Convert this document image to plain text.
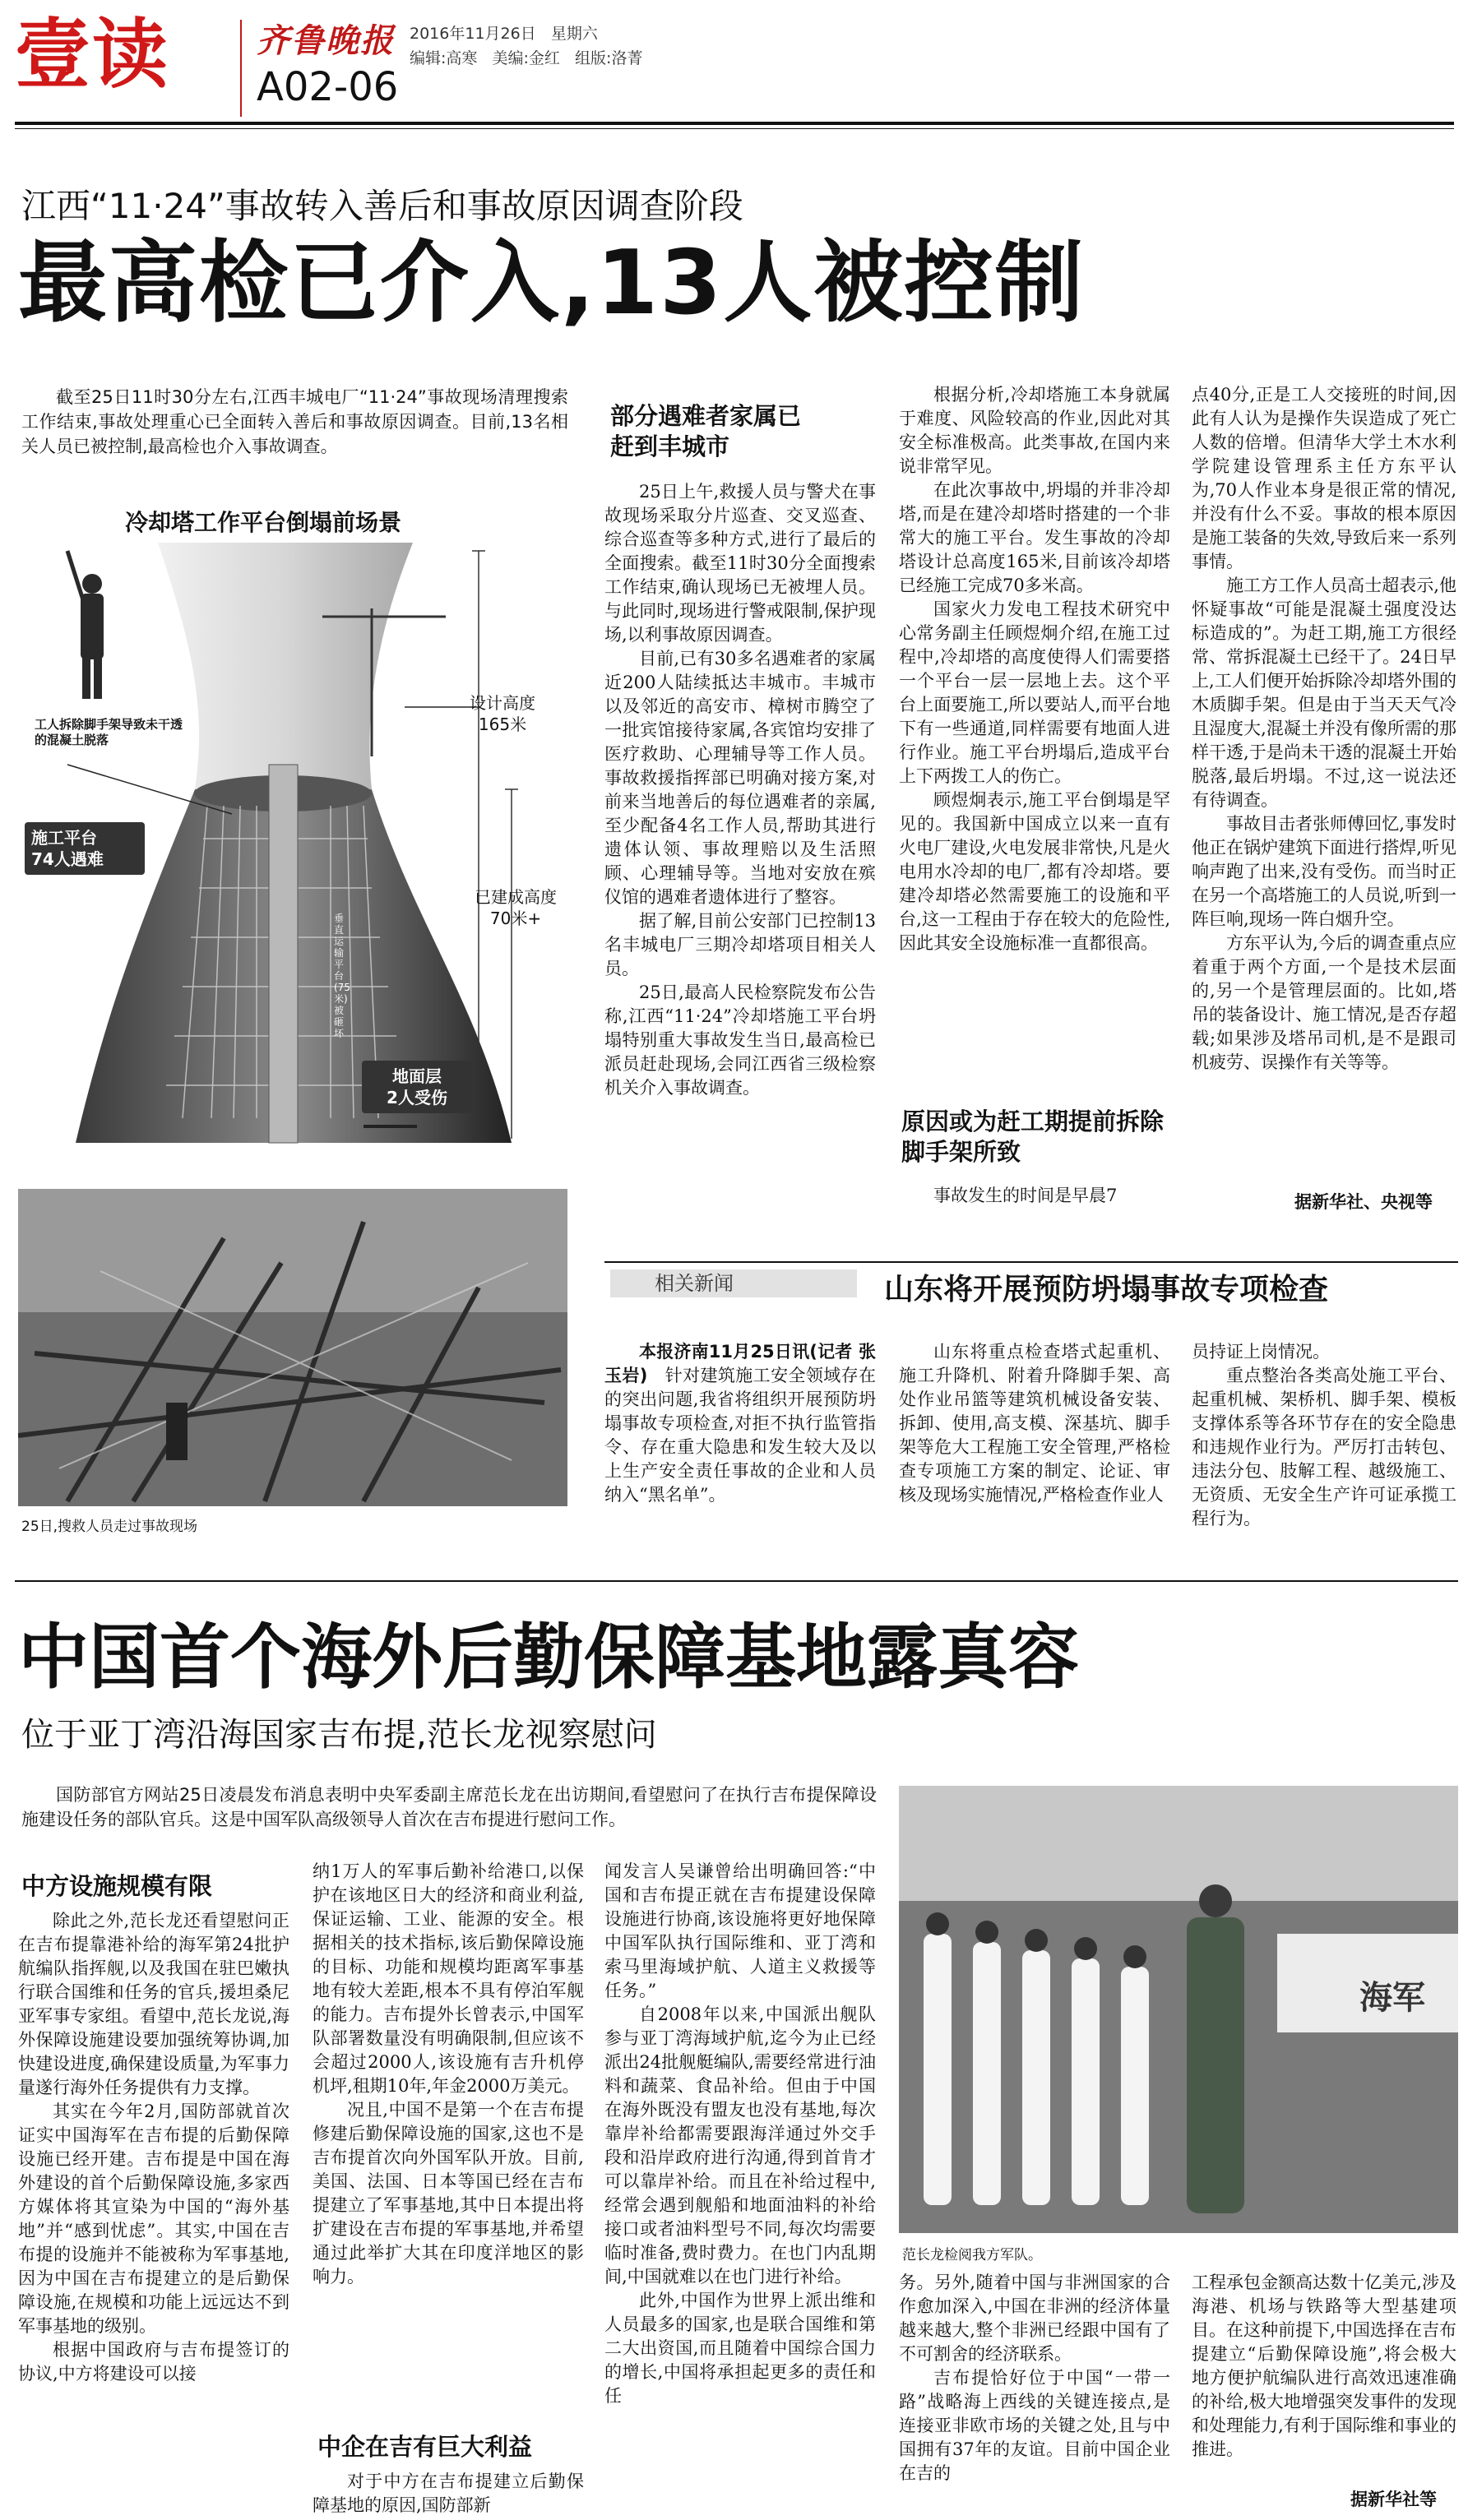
壹读	齐鲁晚报
A02-06
2016年11月26日 星期六
编辑:高寒   美编:金红   组版:洛菁
江西“11·24”事故转入善后和事故原因调查阶段
最高检已介入,13人被控制

截至25日11时30分左右,江西丰城电厂“11·24”事故现场清理搜索工作结束,事故处理重心已全面转入善后和事故原因调查。目前,13名相关人员已被控制,最高检也介入事故调查。

冷却塔工作平台倒塌前场景
工人拆除脚手架导致未干透的混凝土脱落
设计高度
165米
已建成高度
70米+
施工平台
74人遇难
地面层
2人受伤
垂直运输平台(75米)被砸坏
25日,搜救人员走过事故现场
部分遇难者家属已赶到丰城市

25日上午,救援人员与警犬在事故现场采取分片巡查、交叉巡查、综合巡查等多种方式,进行了最后的全面搜索。截至11时30分全面搜索工作结束,确认现场已无被埋人员。与此同时,现场进行警戒限制,保护现场,以利事故原因调查。

目前,已有30多名遇难者的家属近200人陆续抵达丰城市。丰城市以及邻近的高安市、樟树市腾空了一批宾馆接待家属,各宾馆均安排了医疗救助、心理辅导等工作人员。事故救援指挥部已明确对接方案,对前来当地善后的每位遇难者的亲属,至少配备4名工作人员,帮助其进行遗体认领、事故理赔以及生活照顾、心理辅导等。当地对安放在殡仪馆的遇难者遗体进行了整容。

据了解,目前公安部门已控制13名丰城电厂三期冷却塔项目相关人员。

25日,最高人民检察院发布公告称,江西“11·24”冷却塔施工平台坍塌特别重大事故发生当日,最高检已派员赶赴现场,会同江西省三级检察机关介入事故调查。

根据分析,冷却塔施工本身就属于难度、风险较高的作业,因此对其安全标准极高。此类事故,在国内来说非常罕见。

在此次事故中,坍塌的并非冷却塔,而是在建冷却塔时搭建的一个非常大的施工平台。发生事故的冷却塔设计总高度165米,目前该冷却塔已经施工完成70多米高。

国家火力发电工程技术研究中心常务副主任顾煜炯介绍,在施工过程中,冷却塔的高度使得人们需要搭一个平台一层一层地上去。这个平台上面要施工,所以要站人,而平台地下有一些通道,同样需要有地面人进行作业。施工平台坍塌后,造成平台上下两拨工人的伤亡。

顾煜炯表示,施工平台倒塌是罕见的。我国新中国成立以来一直有火电厂建设,火电发展非常快,凡是火电用水冷却的电厂,都有冷却塔。要建冷却塔必然需要施工的设施和平台,这一工程由于存在较大的危险性,因此其安全设施标准一直都很高。

原因或为赶工期提前拆除脚手架所致

事故发生的时间是早晨7

点40分,正是工人交接班的时间,因此有人认为是操作失误造成了死亡人数的倍增。但清华大学土木水利学院建设管理系主任方东平认为,70人作业本身是很正常的情况,并没有什么不妥。事故的根本原因是施工装备的失效,导致后来一系列事情。

施工方工作人员高士超表示,他怀疑事故“可能是混凝土强度没达标造成的”。为赶工期,施工方很经常、常拆混凝土已经干了。24日早上,工人们便开始拆除冷却塔外围的木质脚手架。但是由于当天天气冷且湿度大,混凝土并没有像所需的那样干透,于是尚未干透的混凝土开始脱落,最后坍塌。不过,这一说法还有待调查。

事故目击者张师傅回忆,事发时他正在锅炉建筑下面进行搭焊,听见响声跑了出来,没有受伤。而当时正在另一个高塔施工的人员说,听到一阵巨响,现场一阵白烟升空。

方东平认为,今后的调查重点应着重于两个方面,一个是技术层面的,另一个是管理层面的。比如,塔吊的装备设计、施工情况,是否存超载;如果涉及塔吊司机,是不是跟司机疲劳、误操作有关等等。

据新华社、央视等
相关新闻	山东将开展预防坍塌事故专项检查
本报济南11月25日讯(记者 张玉岩) 针对建筑施工安全领域存在的突出问题,我省将组织开展预防坍塌事故专项检查,对拒不执行监管指令、存在重大隐患和发生较大及以上生产安全责任事故的企业和人员纳入“黑名单”。

山东将重点检查塔式起重机、施工升降机、附着升降脚手架、高处作业吊篮等建筑机械设备安装、拆卸、使用,高支模、深基坑、脚手架等危大工程施工安全管理,严格检查专项施工方案的制定、论证、审核及现场实施情况,严格检查作业人

员持证上岗情况。

重点整治各类高处施工平台、起重机械、架桥机、脚手架、模板支撑体系等各环节存在的安全隐患和违规作业行为。严厉打击转包、违法分包、肢解工程、越级施工、无资质、无安全生产许可证承揽工程行为。

中国首个海外后勤保障基地露真容
位于亚丁湾沿海国家吉布提,范长龙视察慰问

国防部官方网站25日凌晨发布消息表明中央军委副主席范长龙在出访期间,看望慰问了在执行吉布提保障设施建设任务的部队官兵。这是中国军队高级领导人首次在吉布提进行慰问工作。

中方设施规模有限

除此之外,范长龙还看望慰问正在吉布提靠港补给的海军第24批护航编队指挥舰,以及我国在驻巴嫩执行联合国维和任务的官兵,援坦桑尼亚军事专家组。看望中,范长龙说,海外保障设施建设要加强统筹协调,加快建设进度,确保建设质量,为军事力量遂行海外任务提供有力支撑。

其实在今年2月,国防部就首次证实中国海军在吉布提的后勤保障设施已经开建。吉布提是中国在海外建设的首个后勤保障设施,多家西方媒体将其宣染为中国的“海外基地”并“感到忧虑”。其实,中国在吉布提的设施并不能被称为军事基地,因为中国在吉布提建立的是后勤保障设施,在规模和功能上远远达不到军事基地的级别。

根据中国政府与吉布提签订的协议,中方将建设可以接

纳1万人的军事后勤补给港口,以保护在该地区日大的经济和商业利益,保证运输、工业、能源的安全。根据相关的技术指标,该后勤保障设施的目标、功能和规模均距离军事基地有较大差距,根本不具有停泊军舰的能力。吉布提外长曾表示,中国军队部署数量没有明确限制,但应该不会超过2000人,该设施有吉升机停机坪,租期10年,年金2000万美元。

况且,中国不是第一个在吉布提修建后勤保障设施的国家,这也不是吉布提首次向外国军队开放。目前,美国、法国、日本等国已经在吉布提建立了军事基地,其中日本提出将扩建设在吉布提的军事基地,并希望通过此举扩大其在印度洋地区的影响力。

中企在吉有巨大利益

对于中方在吉布提建立后勤保障基地的原因,国防部新

闻发言人吴谦曾给出明确回答:“中国和吉布提正就在吉布提建设保障设施进行协商,该设施将更好地保障中国军队执行国际维和、亚丁湾和索马里海域护航、人道主义救援等任务。”

自2008年以来,中国派出舰队参与亚丁湾海域护航,迄今为止已经派出24批舰艇编队,需要经常进行油料和蔬菜、食品补给。但由于中国在海外既没有盟友也没有基地,每次靠岸补给都需要跟海洋通过外交手段和沿岸政府进行沟通,得到首肯才可以靠岸补给。而且在补给过程中,经常会遇到舰船和地面油料的补给接口或者油料型号不同,每次均需要临时准备,费时费力。在也门内乱期间,中国就难以在也门进行补给。

此外,中国作为世界上派出维和人员最多的国家,也是联合国维和第二大出资国,而且随着中国综合国力的增长,中国将承担起更多的责任和任

海军
范长龙检阅我方军队。

务。另外,随着中国与非洲国家的合作愈加深入,中国在非洲的经济体量越来越大,整个非洲已经跟中国有了不可割舍的经济联系。

吉布提恰好位于中国“一带一路”战略海上西线的关键连接点,是连接亚非欧市场的关键之处,且与中国拥有37年的友谊。目前中国企业在吉的

工程承包金额高达数十亿美元,涉及海港、机场与铁路等大型基建项目。在这种前提下,中国选择在吉布提建立“后勤保障设施”,将会极大地方便护航编队进行高效迅速准确的补给,极大地增强突发事件的发现和处理能力,有利于国际维和事业的推进。

据新华社等
